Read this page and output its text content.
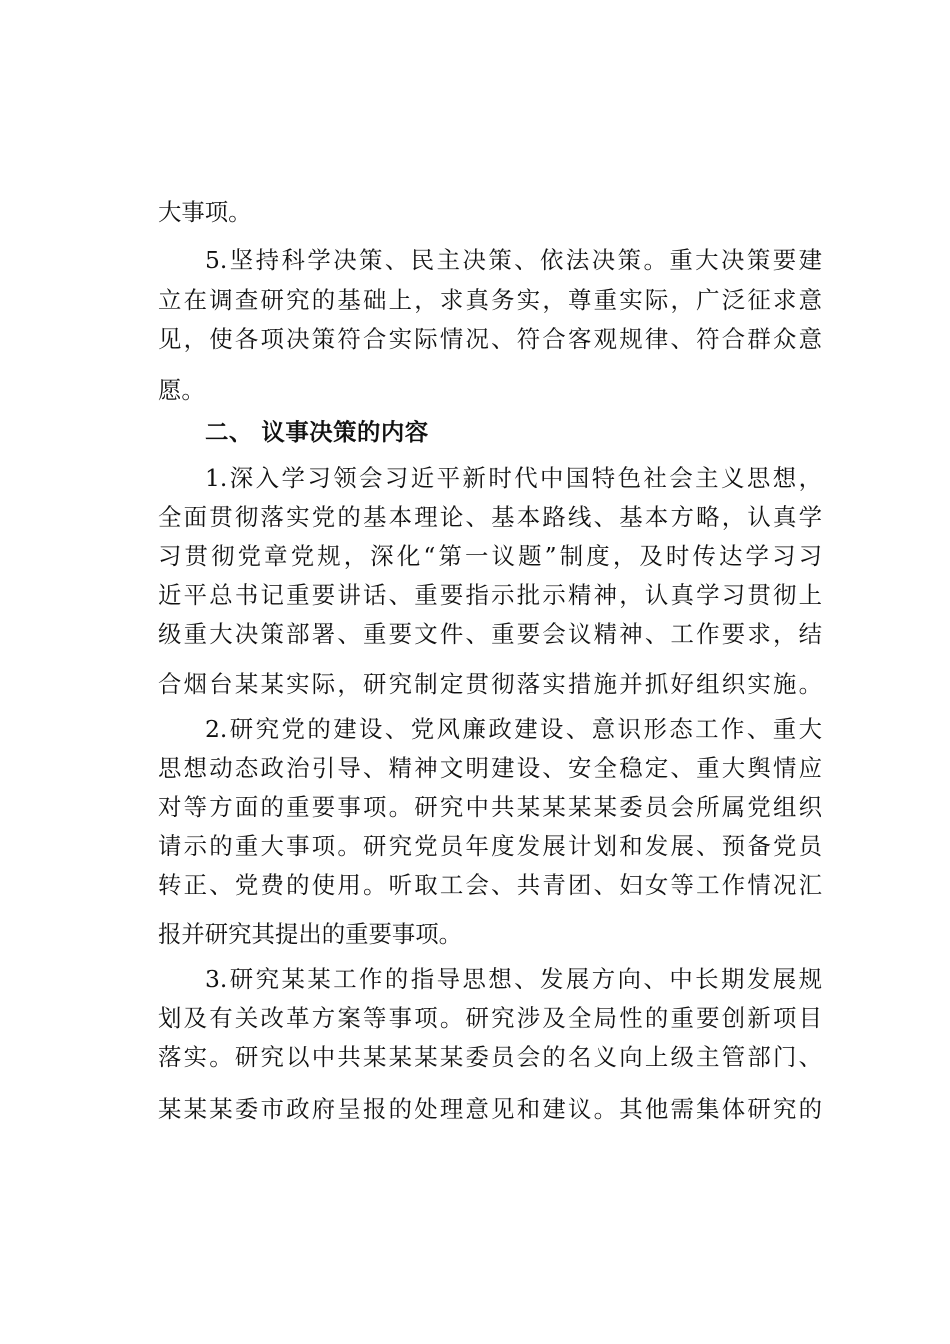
大事项。
5.坚持科学决策、民主决策、依法决策。重大决策要建
立在调查研究的基础上，求真务实，尊重实际，广泛征求意
见，使各项决策符合实际情况、符合客观规律、符合群众意
愿。
二、 议事决策的内容
1.深入学习领会习近平新时代中国特色社会主义思想，
全面贯彻落实党的基本理论、基本路线、基本方略，认真学
习贯彻党章党规，深化“第一议题”制度，及时传达学习习
近平总书记重要讲话、重要指示批示精神，认真学习贯彻上
级重大决策部署、重要文件、重要会议精神、工作要求，结
合烟台某某实际，研究制定贯彻落实措施并抓好组织实施。
2.研究党的建设、党风廉政建设、意识形态工作、重大
思想动态政治引导、精神文明建设、安全稳定、重大舆情应
对等方面的重要事项。研究中共某某某某委员会所属党组织
请示的重大事项。研究党员年度发展计划和发展、预备党员
转正、党费的使用。听取工会、共青团、妇女等工作情况汇
报并研究其提出的重要事项。
3.研究某某工作的指导思想、发展方向、中长期发展规
划及有关改革方案等事项。研究涉及全局性的重要创新项目
落实。研究以中共某某某某委员会的名义向上级主管部门、
某某某委市政府呈报的处理意见和建议。其他需集体研究的
